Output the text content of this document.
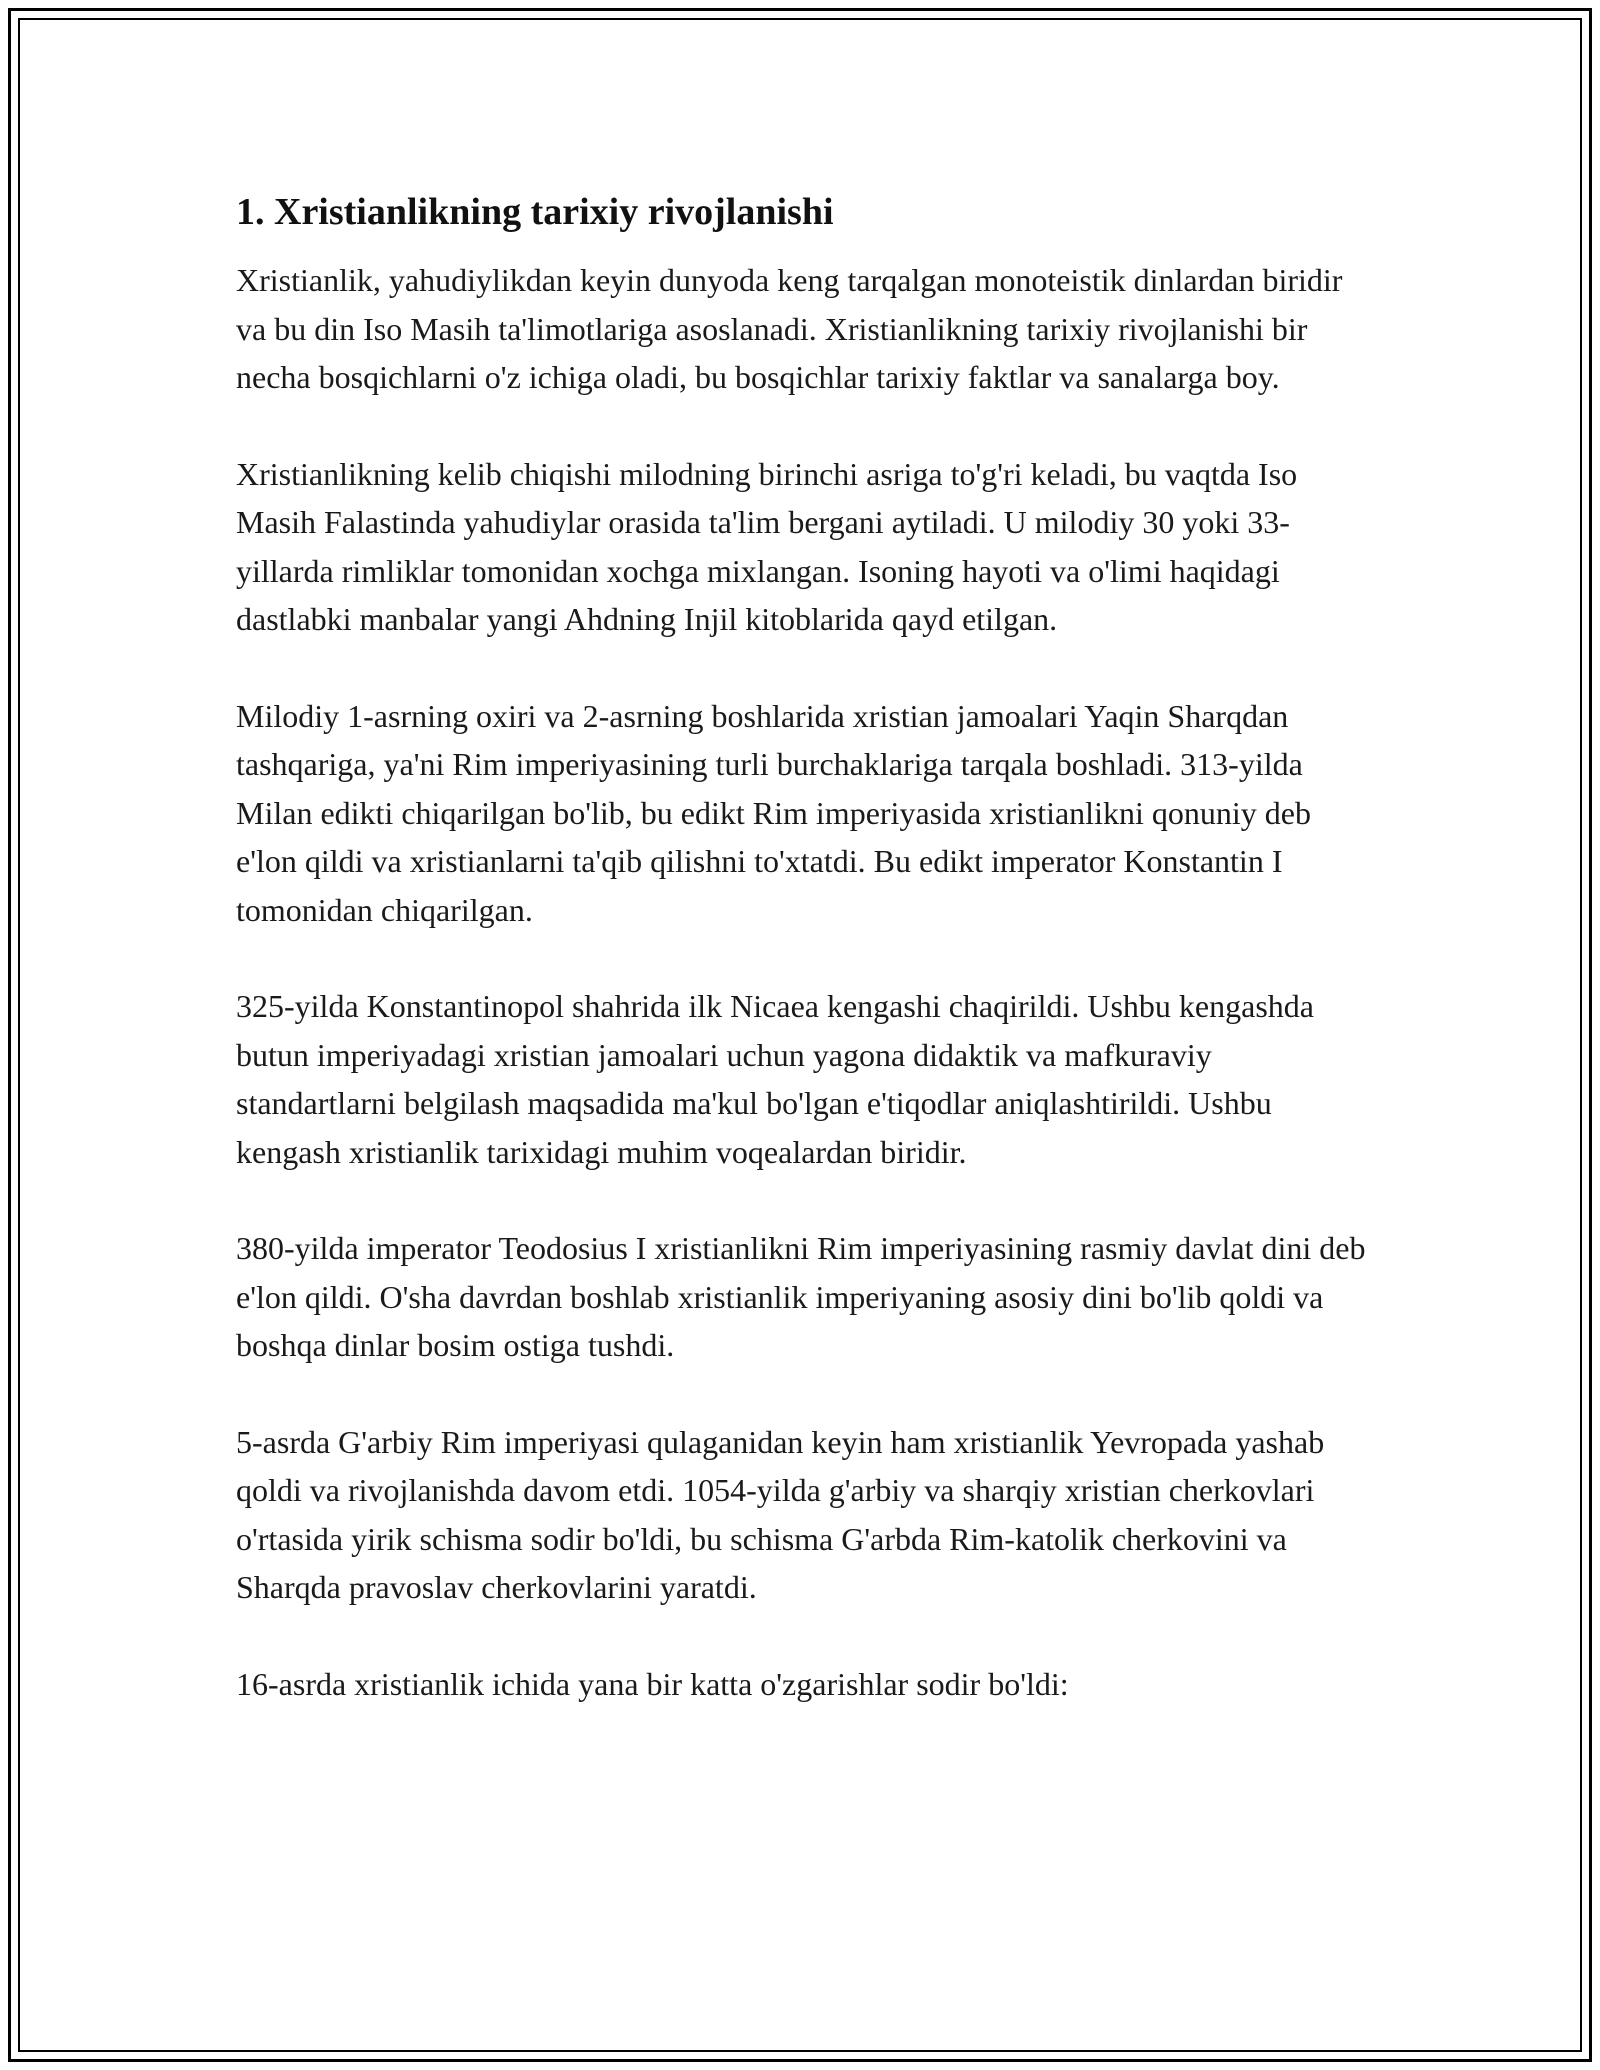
1. Xristianlikning tarixiy rivojlanishi

Xristianlik, yahudiylikdan keyin dunyoda keng tarqalgan monoteistik dinlardan biridir va bu din Iso Masih ta'limotlariga asoslanadi. Xristianlikning tarixiy rivojlanishi bir necha bosqichlarni o'z ichiga oladi, bu bosqichlar tarixiy faktlar va sanalarga boy.

Xristianlikning kelib chiqishi milodning birinchi asriga to'g'ri keladi, bu vaqtda Iso Masih Falastinda yahudiylar orasida ta'lim bergani aytiladi. U milodiy 30 yoki 33-yillarda rimliklar tomonidan xochga mixlangan. Isoning hayoti va o'limi haqidagi dastlabki manbalar yangi Ahdning Injil kitoblarida qayd etilgan.

Milodiy 1-asrning oxiri va 2-asrning boshlarida xristian jamoalari Yaqin Sharqdan tashqariga, ya'ni Rim imperiyasining turli burchaklariga tarqala boshladi. 313-yilda Milan edikti chiqarilgan bo'lib, bu edikt Rim imperiyasida xristianlikni qonuniy deb e'lon qildi va xristianlarni ta'qib qilishni to'xtatdi. Bu edikt imperator Konstantin I tomonidan chiqarilgan.

325-yilda Konstantinopol shahrida ilk Nicaea kengashi chaqirildi. Ushbu kengashda butun imperiyadagi xristian jamoalari uchun yagona didaktik va mafkuraviy standartlarni belgilash maqsadida ma'kul bo'lgan e'tiqodlar aniqlashtirildi. Ushbu kengash xristianlik tarixidagi muhim voqealardan biridir.

380-yilda imperator Teodosius I xristianlikni Rim imperiyasining rasmiy davlat dini deb e'lon qildi. O'sha davrdan boshlab xristianlik imperiyaning asosiy dini bo'lib qoldi va boshqa dinlar bosim ostiga tushdi.

5-asrda G'arbiy Rim imperiyasi qulaganidan keyin ham xristianlik Yevropada yashab qoldi va rivojlanishda davom etdi. 1054-yilda g'arbiy va sharqiy xristian cherkovlari o'rtasida yirik schisma sodir bo'ldi, bu schisma G'arbda Rim-katolik cherkovini va Sharqda pravoslav cherkovlarini yaratdi.

16-asrda xristianlik ichida yana bir katta o'zgarishlar sodir bo'ldi:
